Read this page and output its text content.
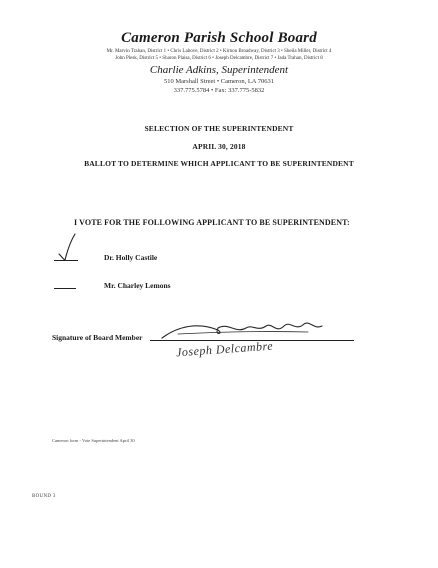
Cameron Parish School Board
Mr. Marvin Trahan, District 1 • Chris Labove, District 2 • Kirnon Broadway, District 3 • Sheila Miller, District 4
John Plesk, District 5 • Sharon Plaisa, District 6 • Joseph Delcambre, District 7 • Jada Trahan, District 8
Charlie Adkins, Superintendent
510 Marshall Street • Cameron, LA 70631
337.775.5784 • Fax: 337.775-5832
SELECTION OF THE SUPERINTENDENT
APRIL 30, 2018
BALLOT TO DETERMINE WHICH APPLICANT TO BE SUPERINTENDENT
I VOTE FOR THE FOLLOWING APPLICANT TO BE SUPERINTENDENT:
Dr. Holly Castile
Mr. Charley Lemons
Signature of Board Member
Joseph Delcambre
Cameron form - Vote Superintendent April 30
BOUND 3
